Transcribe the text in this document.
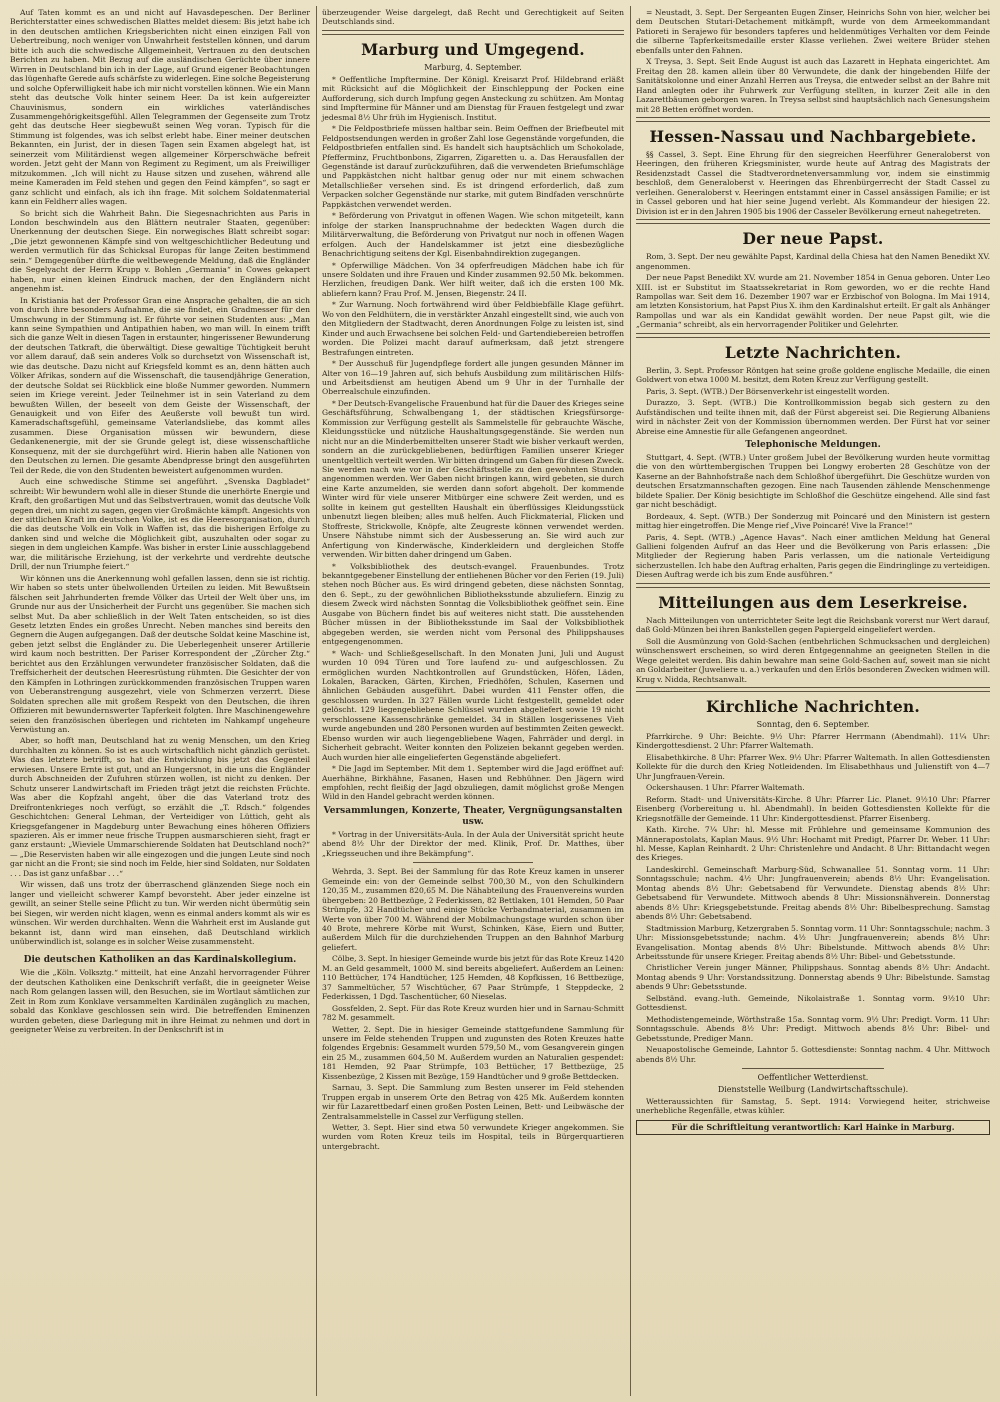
Auf Taten kommt es an und nicht auf Havasdepeschen. Der Berliner Berichterstatter eines schwedischen Blattes meldet diesem: Bis jetzt habe ich in den deutschen amtlichen Kriegsberichten nicht einen einzigen Fall von Uebertreibung, noch weniger von Unwahrheit feststellen können, und darum bitte ich auch die schwedische Allgemeinheit, Vertrauen zu den deutschen Berichten zu haben. Mit Bezug auf die ausländischen Gerüchte über innere Wirren in Deutschland bin ich in der Lage, auf Grund eigener Beobachtungen das lügenhafte Gerede aufs schärfste zu widerlegen. Eine solche Begeisterung und solche Opferwilligkeit habe ich mir nicht vorstellen können. Wie ein Mann steht das deutsche Volk hinter seinem Heer. Da ist kein aufgereizter Chauvinismus, sondern ein wirkliches vaterländisches Zusammengehörigkeitsgefühl. Allen Telegrammen der Gegenseite zum Trotz geht das deutsche Heer siegbewußt seinen Weg voran. Typisch für die Stimmung ist folgendes, was ich selbst erlebt habe. Einer meiner deutschen Bekannten, ein Jurist, der in diesen Tagen sein Examen abgelegt hat, ist seinerzeit vom Militärdienst wegen allgemeiner Körperschwäche befreit worden. Jetzt geht der Mann von Regiment zu Regiment, um als Freiwilliger mitzukommen. „Ich will nicht zu Hause sitzen und zusehen, während alle meine Kameraden im Feld stehen und gegen den Feind kämpfen“, so sagt er ganz schlicht und einfach, als ich ihn frage. Mit solchem Soldatenmaterial kann ein Feldherr alles wagen.

So bricht sich die Wahrheit Bahn. Die Siegesnachrichten aus Paris in London beschwindeln aus den Blättern neutraler Staaten, gegenüber: Unerkennung der deutschen Siege. Ein norwegisches Blatt schreibt sogar: „Die jetzt gewonnenen Kämpfe sind von weltgeschichtlicher Bedeutung und werden vermutlich für das Schicksal Europas für lange Zeiten bestimmend sein.“ Demgegenüber dürfte die weltbewegende Meldung, daß die Engländer die Segelyacht der Herrn Krupp v. Bohlen „Germania“ in Cowes gekapert haben, nur einen kleinen Eindruck machen, der den Engländern nicht angenehm ist.

In Kristiania hat der Professor Gran eine Ansprache gehalten, die an sich von durch ihre besonders Aufnahme, die sie findet, ein Gradmesser für den Umschwung in der Stimmung ist. Er führte vor seinen Studenten aus: „Man kann seine Sympathien und Antipathien haben, wo man will. In einem trifft sich die ganze Welt in diesen Tagen in erstaunter, hingerissener Bewunderung der deutschen Tatkraft, die überwältigt. Diese gewaltige Tüchtigkeit beruht vor allem darauf, daß sein anderes Volk so durchsetzt von Wissenschaft ist, wie das deutsche. Dazu nicht auf Kriegsfeld kommt es an, denn hätten auch Völker Afrikas, sondern auf die Wissenschaft, die tausendjährige Generation, der deutsche Soldat sei Rückblick eine bloße Nummer geworden. Nummern seien im Kriege vereint. Jeder Teilnehmer ist in sein Vaterland zu dem bewußten Willen, der beseelt von dem Geiste der Wissenschaft, der Genauigkeit und von Eifer des Aeußerste voll bewußt tun wird. Kameradschaftsgefühl, gemeinsame Vaterlandsliebe, das kommt alles zusammen. Diese Organisation müssen wir bewundern, diese Gedankenenergie, mit der sie Grunde gelegt ist, diese wissenschaftliche Konsequenz, mit der sie durchgeführt wird. Hierin haben alle Nationen von den Deutschen zu lernen. Die gesamte Abendpresse bringt den ausgeführten Teil der Rede, die von den Studenten beweistert aufgenommen wurden.

Auch eine schwedische Stimme sei angeführt. „Svenska Dagbladet“ schreibt: Wir bewundern wohl alle in dieser Stunde die unerhörte Energie und Kraft, den großartigen Mut und das Selbstvertrauen, womit das deutsche Volk gegen drei, um nicht zu sagen, gegen vier Großmächte kämpft. Angesichts von der sittlichen Kraft im deutschen Volke, ist es die Heeresorganisation, durch die das deutsche Volk ein Volk in Waffen ist, das die bisherigen Erfolge zu danken sind und welche die Möglichkeit gibt, auszuhalten oder sogar zu siegen in dem ungleichen Kampfe. Was bisher in erster Linie ausschlaggebend war, die militärische Erziehung, ist der verkehrte und verdrehte deutsche Drill, der nun Triumphe feiert.“

Wir können uns die Anerkennung wohl gefallen lassen, denn sie ist richtig. Wir haben so stets unter übelwollenden Urteilen zu leiden. Mit Bewußtsein fälschen seit Jahrhunderten fremde Völker das Urteil der Welt über uns, im Grunde nur aus der Unsicherheit der Furcht uns gegenüber. Sie machen sich selbst Mut. Da aber schließlich in der Welt Taten entscheiden, so ist dies Gesetz letzten Endes ein großes Unrecht. Neben manches sind bereits den Gegnern die Augen aufgegangen. Daß der deutsche Soldat keine Maschine ist, geben jetzt selbst die Engländer zu. Die Ueberlegenheit unserer Artillerie wird kaum noch bestritten. Der Pariser Korrespondent der „Zürcher Ztg.“ berichtet aus den Erzählungen verwundeter französischer Soldaten, daß die Treffsicherheit der deutschen Heeresrüstung rühmten. Die Gesichter der von den Kämpfen in Lothringen zurückkommenden französischen Truppen waren von Ueberanstrengung ausgezehrt, viele von Schmerzen verzerrt. Diese Soldaten sprechen alle mit großem Respekt von den Deutschen, die ihren Offizieren mit bewundernswerter Tapferkeit folgten. Ihre Maschinengewehre seien den französischen überlegen und richteten im Nahkampf ungeheure Verwüstung an.

Aber, so hofft man, Deutschland hat zu wenig Menschen, um den Krieg durchhalten zu können. So ist es auch wirtschaftlich nicht gänzlich gerüstet. Was das letztere betrifft, so hat die Entwicklung bis jetzt das Gegenteil erwiesen. Unsere Ernte ist gut, und an Hungersnot, in die uns die Engländer durch Abschneiden der Zufuhren stürzen wollen, ist nicht zu denken. Der Schutz unserer Landwirtschaft im Frieden trägt jetzt die reichsten Früchte. Was aber die Kopfzahl angeht, über die das Vaterland trotz des Dreifrontenkrieges noch verfügt, so erzählt die „T. Rdsch.“ folgendes Geschichtchen: General Lehman, der Verteidiger von Lüttich, geht als Kriegsgefangener in Magdeburg unter Bewachung eines höheren Offiziers spazieren. Als er immer neue frische Truppen ausmarschieren sieht, fragt er ganz erstaunt: „Wieviele Ummarschierende Soldaten hat Deutschland noch?“ — „Die Reservisten haben wir alle eingezogen und die jungen Leute sind noch gar nicht an die Front; sie sind noch im Felde, hier sind Soldaten, nur Soldaten . . . Das ist ganz unfaßbar . . .“

Wir wissen, daß uns trotz der überraschend glänzenden Siege noch ein langer und vielleicht schwerer Kampf bevorsteht. Aber jeder einzelne ist gewillt, an seiner Stelle seine Pflicht zu tun. Wir werden nicht übermütig sein bei Siegen, wir werden nicht klagen, wenn es einmal anders kommt als wir es wünschen. Wir werden durchhalten. Wenn die Wahrheit erst im Auslande gut bekannt ist, dann wird man einsehen, daß Deutschland wirklich unüberwindlich ist, solange es in solcher Weise zusammensteht.

Die deutschen Katholiken an das Kardinalskollegium.

Wie die „Köln. Volksztg.“ mitteilt, hat eine Anzahl hervorragender Führer der deutschen Katholiken eine Denkschrift verfaßt, die in geeigneter Weise nach Rom gelangen lassen will, den Besuchen, sie im Wortlaut sämtlichen zur Zeit in Rom zum Konklave versammelten Kardinälen zugänglich zu machen, sobald das Konklave geschlossen sein wird. Die betreffenden Eminenzen wurden gebeten, diese Darlegung mit in ihre Heimat zu nehmen und dort in geeigneter Weise zu verbreiten. In der Denkschrift ist in

überzeugender Weise dargelegt, daß Recht und Gerechtigkeit auf Seiten Deutschlands sind.

Marburg und Umgegend.
Marburg, 4. September.

* Oeffentliche Impftermine. Der Königl. Kreisarzt Prof. Hildebrand erläßt mit Rücksicht auf die Möglichkeit der Einschleppung der Pocken eine Aufforderung, sich durch Impfung gegen Ansteckung zu schützen. Am Montag sind Impftermine für Männer und am Dienstag für Frauen festgelegt und zwar jedesmal 8½ Uhr früh im Hygienisch. Institut.

* Die Feldpostbriefe müssen haltbar sein. Beim Oeffnen der Briefbeutel mit Feldpostsendungen werden in großer Zahl lose Gegenstände vorgefunden, die Feldpostbriefen entfallen sind. Es handelt sich hauptsächlich um Schokolade, Pfefferminz, Fruchtbonbons, Zigarren, Zigaretten u. a. Das Herausfallen der Gegenstände ist darauf zurückzuführen, daß die verwendeten Briefumschläge und Pappkästchen nicht haltbar genug oder nur mit einem schwachen Metallschließer versehen sind. Es ist dringend erforderlich, daß zum Verpacken solcher Gegenstände nur starke, mit gutem Bindfaden verschnürte Pappkästchen verwendet werden.

* Beförderung von Privatgut in offenen Wagen. Wie schon mitgeteilt, kann infolge der starken Inanspruchnahme der bedeckten Wagen durch die Militärverwaltung, die Beförderung von Privatgut nur noch in offenen Wagen erfolgen. Auch der Handelskammer ist jetzt eine diesbezügliche Benachrichtigung seitens der Kgl. Eisenbahndirektion zugegangen.

* Opferwillige Mädchen. Von 34 opferfreudigen Mädchen habe ich für unsere Soldaten und ihre Frauen und Kinder zusammen 92.50 Mk. bekommen. Herzlichen, freudigen Dank. Wer hilft weiter, daß ich die ersten 100 Mk. abliefern kann? Frau Prof. M. Jensen, Biegenstr. 24 II.

* Zur Warnung. Noch fortwährend wird über Feldbiebfälle Klage geführt. Wo von den Feldhütern, die in verstärkter Anzahl eingestellt sind, wie auch von den Mitgliedern der Stadtwacht, deren Anordnungen Folge zu leisten ist, sind Kinder und auch Erwachsene bei solchen Feld- und Gartendiebereien betroffen worden. Die Polizei macht darauf aufmerksam, daß jetzt strengere Bestrafungen eintreten.

* Der Ausschuß für Jugendpflege fordert alle jungen gesunden Männer im Alter von 16—19 Jahren auf, sich behufs Ausbildung zum militärischen Hilfs- und Arbeitsdienst am heutigen Abend um 9 Uhr in der Turnhalle der Oberrealschule einzufinden.

* Der Deutsch-Evangelische Frauenbund hat für die Dauer des Krieges seine Geschäftsführung, Schwalbengang 1, der städtischen Kriegsfürsorge-Kommission zur Verfügung gestellt als Sammelstelle für gebrauchte Wäsche, Kleidungsstücke und nützliche Haushaltungsgegenstände. Sie werden nun nicht nur an die Minderbemittelten unserer Stadt wie bisher verkauft werden, sondern an die zurückgebliebenen, bedürftigen Familien unserer Krieger unentgeltlich verteilt werden. Wir bitten dringend um Gaben für diesen Zweck. Sie werden nach wie vor in der Geschäftsstelle zu den gewohnten Stunden angenommen werden. Wer Gaben nicht bringen kann, wird gebeten, sie durch eine Karte anzumelden, sie werden dann sofort abgeholt. Der kommende Winter wird für viele unserer Mitbürger eine schwere Zeit werden, und es sollte in keinem gut gestellten Haushalt ein überflüssiges Kleidungsstück unbenutzt liegen bleiben; alles muß helfen. Auch Flickmaterial, Flicken und Stoffreste, Strickwolle, Knöpfe, alte Zeugreste können verwendet werden. Unsere Nähstube nimmt sich der Ausbesserung an. Sie wird auch zur Anfertigung von Kinderwäsche, Kinderkleidern und dergleichen Stoffe verwenden. Wir bitten daher dringend um Gaben.

* Volksbibliothek des deutsch-evangel. Frauenbundes. Trotz bekanntgegebener Einstellung der entliehenen Bücher vor den Ferien (19. Juli) stehen noch Bücher aus. Es wird dringend gebeten, diese nächsten Sonntag, den 6. Sept., zu der gewöhnlichen Bibliotheksstunde abzuliefern. Einzig zu diesem Zweck wird nächsten Sonntag die Volksbibliothek geöffnet sein. Eine Ausgabe von Büchern findet bis auf weiteres nicht statt. Die ausstehenden Bücher müssen in der Bibliotheksstunde im Saal der Volksbibliothek abgegeben werden, sie werden nicht vom Personal des Philippshauses entgegengenommen.

* Wach- und Schließgesellschaft. In den Monaten Juni, Juli und August wurden 10 094 Türen und Tore laufend zu- und aufgeschlossen. Zu ermöglichen wurden Nachtkontrollen auf Grundstücken, Höfen, Läden, Lokalen, Baracken, Gärten, Kirchen, Friedhöfen, Schulen, Kasernen und ähnlichen Gebäuden ausgeführt. Dabei wurden 411 Fenster offen, die geschlossen wurden. In 327 Fällen wurde Licht festgestellt, gemeldet oder gelöscht. 129 liegengebliebene Schlüssel wurden abgeliefert sowie 19 nicht verschlossene Kassenschränke gemeldet. 34 in Ställen losgerissenes Vieh wurde angebunden und 280 Personen wurden auf bestimmten Zeiten geweckt. Ebenso wurden wir auch liegengebliebene Wagen, Fahrräder und dergl. in Sicherheit gebracht. Weiter konnten den Polizeien bekannt gegeben werden. Auch wurden hier alle eingelieferten Gegenstände abgeliefert.

* Die Jagd im September. Mit dem 1. September wird die Jagd eröffnet auf: Auerhähne, Birkhähne, Fasanen, Hasen und Rebhühner. Den Jägern wird empfohlen, recht fleißig der Jagd obzuliegen, damit möglichst große Mengen Wild in den Handel gebracht werden können.

Versammlungen, Konzerte, Theater, Vergnügungsanstalten usw.

* Vortrag in der Universitäts-Aula. In der Aula der Universität spricht heute abend 8½ Uhr der Direktor der med. Klinik, Prof. Dr. Matthes, über „Kriegsseuchen und ihre Bekämpfung“.

Wehrda, 3. Sept. Bei der Sammlung für das Rote Kreuz kamen in unserer Gemeinde ein: von der Gemeinde selbst 700,30 M., von den Schulkindern 120,35 M., zusammen 820,65 M. Die Nähabteilung des Frauenvereins wurden übergeben: 20 Bettbezüge, 2 Federkissen, 82 Bettlaken, 101 Hemden, 50 Paar Strümpfe, 32 Handtücher und einige Stücke Verbandmaterial, zusammen im Werte von über 700 M. Während der Mobilmachungstage wurden schon über 40 Brote, mehrere Körbe mit Wurst, Schinken, Käse, Eiern und Butter, außerdem Milch für die durchziehenden Truppen an den Bahnhof Marburg geliefert.

Cölbe, 3. Sept. In hiesiger Gemeinde wurde bis jetzt für das Rote Kreuz 1420 M. an Geld gesammelt, 1000 M. sind bereits abgeliefert. Außerdem an Leinen: 110 Bettücher, 174 Handtücher, 125 Hemden, 48 Kopfkissen, 16 Bettbezüge, 37 Sammeltücher, 57 Wischtücher, 67 Paar Strümpfe, 1 Steppdecke, 2 Federkissen, 1 Dgd. Taschentücher, 60 Nieselas.

Gossfelden, 2. Sept. Für das Rote Kreuz wurden hier und in Sarnau-Schmitt 782 M. gesammelt.

Wetter, 2. Sept. Die in hiesiger Gemeinde stattgefundene Sammlung für unsere im Felde stehenden Truppen und zugunsten des Roten Kreuzes hatte folgendes Ergebnis: Gesammelt wurden 579,50 M., vom Gesangverein gingen ein 25 M., zusammen 604,50 M. Außerdem wurden an Naturalien gespendet: 181 Hemden, 92 Paar Strümpfe, 103 Bettücher, 17 Bettbezüge, 25 Kissenbezüge, 2 Kissen mit Bezüge, 159 Handtücher und 9 große Bettdecken.

Sarnau, 3. Sept. Die Sammlung zum Besten unserer im Feld stehenden Truppen ergab in unserem Orte den Betrag von 425 Mk. Außerdem konnten wir für Lazarettbedarf einen großen Posten Leinen, Bett- und Leibwäsche der Zentralsammelstelle in Cassel zur Verfügung stellen.

Wetter, 3. Sept. Hier sind etwa 50 verwundete Krieger angekommen. Sie wurden vom Roten Kreuz teils im Hospital, teils in Bürgerquartieren untergebracht.

= Neustadt, 3. Sept. Der Sergeanten Eugen Zinser, Heinrichs Sohn von hier, welcher bei dem Deutschen Stutari-Detachement mitkämpft, wurde von dem Armeekommandant Patioreti in Serajewo für besonders tapferes und heldenmütiges Verhalten vor dem Feinde die silberne Tapferkeitsmedaille erster Klasse verliehen. Zwei weitere Brüder stehen ebenfalls unter den Fahnen.

X Treysa, 3. Sept. Seit Ende August ist auch das Lazarett in Hephata eingerichtet. Am Freitag den 28. kamen allein über 80 Verwundete, die dank der hingebenden Hilfe der Sanitätskolonne und einer Anzahl Herren aus Treysa, die entweder selbst an der Bahre mit Hand anlegten oder ihr Fuhrwerk zur Verfügung stellten, in kurzer Zeit alle in den Lazarettbäumen geborgen waren. In Treysa selbst sind hauptsächlich nach Genesungsheim mit 28 Betten eröffnet worden.

Hessen-Nassau und Nachbargebiete.

§§ Cassel, 3. Sept. Eine Ehrung für den siegreichen Heerführer Generaloberst von Heeringen, den früheren Kriegsminister, wurde heute auf Antrag des Magistrats der Residenzstadt Cassel die Stadtverordnetenversammlung vor, indem sie einstimmig beschloß, dem Generaloberst v. Heeringen das Ehrenbürgerrecht der Stadt Cassel zu verleihen. Generaloberst v. Heeringen entstammt einer in Cassel ansässigen Familie; er ist in Cassel geboren und hat hier seine Jugend verlebt. Als Kommandeur der hiesigen 22. Division ist er in den Jahren 1905 bis 1906 der Casseler Bevölkerung erneut nahegetreten.

Der neue Papst.

Rom, 3. Sept. Der neu gewählte Papst, Kardinal della Chiesa hat den Namen Benedikt XV. angenommen.

Der neue Papst Benedikt XV. wurde am 21. November 1854 in Genua geboren. Unter Leo XIII. ist er Substitut im Staatssekretariat in Rom geworden, wo er die rechte Hand Rampollas war. Seit dem 16. Dezember 1907 war er Erzbischof von Bologna. Im Mai 1914, am letzten Konsistorium, hat Papst Pius X. ihm den Kardinalshut erteilt. Er galt als Anhänger Rampollas und war als ein Kandidat gewählt worden. Der neue Papst gilt, wie die „Germania“ schreibt, als ein hervorragender Politiker und Gelehrter.

Letzte Nachrichten.

Berlin, 3. Sept. Professor Röntgen hat seine große goldene englische Medaille, die einen Goldwert von etwa 1000 M. besitzt, dem Roten Kreuz zur Verfügung gestellt.

Paris, 3. Sept. (WTB.) Der Börsenverkehr ist eingestellt worden.

Durazzo, 3. Sept. (WTB.) Die Kontrollkommission begab sich gestern zu den Aufständischen und teilte ihnen mit, daß der Fürst abgereist sei. Die Regierung Albaniens wird in nächster Zeit von der Kommission übernommen werden. Der Fürst hat vor seiner Abreise eine Amnestie für alle Gefangenen angeordnet.

Telephonische Meldungen.

Stuttgart, 4. Sept. (WTB.) Unter großem Jubel der Bevölkerung wurden heute vormittag die von den württembergischen Truppen bei Longwy eroberten 28 Geschütze von der Kaserne an der Bahnhofstraße nach dem Schloßhof übergeführt. Die Geschütze wurden von deutschen Ersatzmannschaften gezogen. Eine nach Tausenden zählende Menschenmenge bildete Spalier. Der König besichtigte im Schloßhof die Geschütze eingehend. Alle sind fast gar nicht beschädigt.

Bordeaux, 4. Sept. (WTB.) Der Sonderzug mit Poincaré und den Ministern ist gestern mittag hier eingetroffen. Die Menge rief „Vive Poincaré! Vive la France!“

Paris, 4. Sept. (WTB.) „Agence Havas“. Nach einer amtlichen Meldung hat General Gallieni folgenden Aufruf an das Heer und die Bevölkerung von Paris erlassen: „Die Mitglieder der Regierung haben Paris verlassen, um die nationale Verteidigung sicherzustellen. Ich habe den Auftrag erhalten, Paris gegen die Eindringlinge zu verteidigen. Diesen Auftrag werde ich bis zum Ende ausführen.“

Mitteilungen aus dem Leserkreise.

Nach Mitteilungen von unterrichteter Seite legt die Reichsbank vorerst nur Wert darauf, daß Gold-Münzen bei ihren Bankstellen gegen Papiergeld eingeliefert werden.

Soll die Ausmünzung von Gold-Sachen (entbehrlichen Schmucksachen und dergleichen) wünschenswert erscheinen, so wird deren Entgegennahme an geeigneten Stellen in die Wege geleitet werden. Bis dahin bewahre man seine Gold-Sachen auf, soweit man sie nicht an Goldarbeiter (Juweliere u. a.) verkaufen und den Erlös besonderen Zwecken widmen will. Krug v. Nidda, Rechtsanwalt.

Kirchliche Nachrichten.
Sonntag, den 6. September.

Pfarrkirche. 9 Uhr: Beichte. 9½ Uhr: Pfarrer Herrmann (Abendmahl). 11¼ Uhr: Kindergottesdienst. 2 Uhr: Pfarrer Waltemath.

Elisabethkirche. 8 Uhr: Pfarrer Wex. 9½ Uhr: Pfarrer Waltemath. In allen Gottesdiensten Kollekte für die durch den Krieg Notleidenden. Im Elisabethhaus und Julienstift von 4—7 Uhr Jungfrauen-Verein.

Ockershausen. 1 Uhr: Pfarrer Waltemath.

Reform. Stadt- und Universitäts-Kirche. 8 Uhr: Pfarrer Lic. Planet. 9½10 Uhr: Pfarrer Eisenberg (Vorbereitung u. hl. Abendmahl). In beiden Gottesdiensten Kollekte für die Kriegsnotfälle der Gemeinde. 11 Uhr: Kindergottesdienst. Pfarrer Eisenberg.

Kath. Kirche. 7¼ Uhr: hl. Messe mit Frühlehre und gemeinsame Kommunion des Männerapostolats, Kaplan Maus. 9½ Uhr: Hochamt mit Predigt, Pfarrer Dr. Weber. 11 Uhr: hl. Messe, Kaplan Reinhardt. 2 Uhr: Christenlehre und Andacht. 8 Uhr: Bittandacht wegen des Krieges.

Landeskirchl. Gemeinschaft Marburg-Süd, Schwanallee 51. Sonntag vorm. 11 Uhr: Sonntagsschule; nachm. 4½ Uhr: Jungfrauenverein; abends 8½ Uhr: Evangelisation. Montag abends 8½ Uhr: Gebetsabend für Verwundete. Dienstag abends 8½ Uhr: Gebetsabend für Verwundete. Mittwoch abends 8 Uhr: Missionsnähverein. Donnerstag abends 8½ Uhr: Kriegsgebetstunde. Freitag abends 8½ Uhr: Bibelbesprechung. Samstag abends 8½ Uhr: Gebetsabend.

Stadtmission Marburg, Ketzergraben 5. Sonntag vorm. 11 Uhr: Sonntagsschule; nachm. 3 Uhr: Missionsgebetsstunde; nachm. 4½ Uhr: Jungfrauenverein; abends 8½ Uhr: Evangelisation. Montag abends 8½ Uhr: Bibelstunde. Mittwoch abends 8½ Uhr: Arbeitsstunde für unsere Krieger. Freitag abends 8½ Uhr: Bibel- und Gebetsstunde.

Christlicher Verein junger Männer, Philippshaus. Sonntag abends 8½ Uhr: Andacht. Montag abends 9 Uhr: Vorstandssitzung. Donnerstag abends 9 Uhr: Bibelstunde. Samstag abends 9 Uhr: Gebetsstunde.

Selbständ. evang.-luth. Gemeinde, Nikolaistraße 1. Sonntag vorm. 9½10 Uhr: Gottesdienst.

Methodistengemeinde, Wörthstraße 15a. Sonntag vorm. 9½ Uhr: Predigt. Vorm. 11 Uhr: Sonntagsschule. Abends 8½ Uhr: Predigt. Mittwoch abends 8½ Uhr: Bibel- und Gebetsstunde, Prediger Mann.

Neuapostolische Gemeinde, Lahntor 5. Gottesdienste: Sonntag nachm. 4 Uhr. Mittwoch abends 8½ Uhr.

Oeffentlicher Wetterdienst.
Dienststelle Weilburg (Landwirtschaftsschule).

Wetteraussichten für Samstag, 5. Sept. 1914: Vorwiegend heiter, strichweise unerhebliche Regenfälle, etwas kühler.

Für die Schriftleitung verantwortlich: Karl Hainke in Marburg.
